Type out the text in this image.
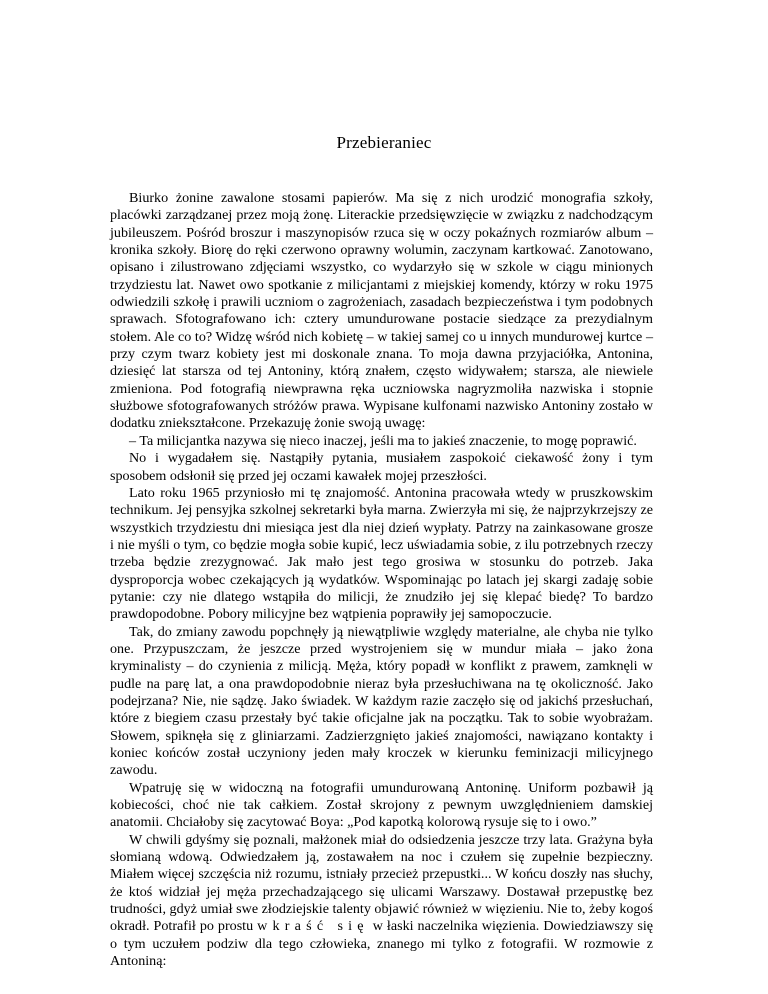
Przebieraniec

Biurko żonine zawalone stosami papierów. Ma się z nich urodzić monografia szkoły, placówki zarządzanej przez moją żonę. Literackie przedsięwzięcie w związku z nadchodzącym jubileuszem. Pośród broszur i maszynopisów rzuca się w oczy pokaźnych rozmiarów album – kronika szkoły. Biorę do ręki czerwono oprawny wolumin, zaczynam kartkować. Zanotowano, opisano i zilustrowano zdjęciami wszystko, co wydarzyło się w szkole w ciągu minionych trzydziestu lat. Nawet owo spotkanie z milicjantami z miejskiej komendy, którzy w roku 1975 odwiedzili szkołę i prawili uczniom o zagrożeniach, zasadach bezpieczeństwa i tym podobnych sprawach. Sfotografowano ich: cztery umundurowane postacie siedzące za prezydialnym stołem. Ale co to? Widzę wśród nich kobietę – w takiej samej co u innych mundurowej kurtce – przy czym twarz kobiety jest mi doskonale znana. To moja dawna przyjaciółka, Antonina, dziesięć lat starsza od tej Antoniny, którą znałem, często widywałem; starsza, ale niewiele zmieniona. Pod fotografią niewprawna ręka uczniowska nagryzmoliła nazwiska i stopnie służbowe sfotografowanych stróżów prawa. Wypisane kulfonami nazwisko Antoniny zostało w dodatku zniekształcone. Przekazuję żonie swoją uwagę:

– Ta milicjantka nazywa się nieco inaczej, jeśli ma to jakieś znaczenie, to mogę poprawić.

No i wygadałem się. Nastąpiły pytania, musiałem zaspokoić ciekawość żony i tym sposobem odsłonił się przed jej oczami kawałek mojej przeszłości.

Lato roku 1965 przyniosło mi tę znajomość. Antonina pracowała wtedy w pruszkowskim technikum. Jej pensyjka szkolnej sekretarki była marna. Zwierzyła mi się, że najprzykrzejszy ze wszystkich trzydziestu dni miesiąca jest dla niej dzień wypłaty. Patrzy na zainkasowane grosze i nie myśli o tym, co będzie mogła sobie kupić, lecz uświadamia sobie, z ilu potrzebnych rzeczy trzeba będzie zrezygnować. Jak mało jest tego grosiwa w stosunku do potrzeb. Jaka dysproporcja wobec czekających ją wydatków. Wspominając po latach jej skargi zadaję sobie pytanie: czy nie dlatego wstąpiła do milicji, że znudziło jej się klepać biedę? To bardzo prawdopodobne. Pobory milicyjne bez wątpienia poprawiły jej samopoczucie.

Tak, do zmiany zawodu popchnęły ją niewątpliwie względy materialne, ale chyba nie tylko one. Przypuszczam, że jeszcze przed wystrojeniem się w mundur miała – jako żona kryminalisty – do czynienia z milicją. Męża, który popadł w konflikt z prawem, zamknęli w pudle na parę lat, a ona prawdopodobnie nieraz była przesłuchiwana na tę okoliczność. Jako podejrzana? Nie, nie sądzę. Jako świadek. W każdym razie zaczęło się od jakichś przesłuchań, które z biegiem czasu przestały być takie oficjalne jak na początku. Tak to sobie wyobrażam. Słowem, spiknęła się z gliniarzami. Zadzierzgnięto jakieś znajomości, nawiązano kontakty i koniec końców został uczyniony jeden mały kroczek w kierunku feminizacji milicyjnego zawodu.

Wpatruję się w widoczną na fotografii umundurowaną Antoninę. Uniform pozbawił ją kobiecości, choć nie tak całkiem. Został skrojony z pewnym uwzględnieniem damskiej anatomii. Chciałoby się zacytować Boya: „Pod kapotką kolorową rysuje się to i owo.”

W chwili gdyśmy się poznali, małżonek miał do odsiedzenia jeszcze trzy lata. Grażyna była słomianą wdową. Odwiedzałem ją, zostawałem na noc i czułem się zupełnie bezpieczny. Miałem więcej szczęścia niż rozumu, istniały przecież przepustki... W końcu doszły nas słuchy, że ktoś widział jej męża przechadzającego się ulicami Warszawy. Dostawał przepustkę bez trudności, gdyż umiał swe złodziejskie talenty objawić również w więzieniu. Nie to, żeby kogoś okradł. Potrafił po prostu wkraść się w łaski naczelnika więzienia. Dowiedziawszy się o tym uczułem podziw dla tego człowieka, znanego mi tylko z fotografii. W rozmowie z Antoniną:
